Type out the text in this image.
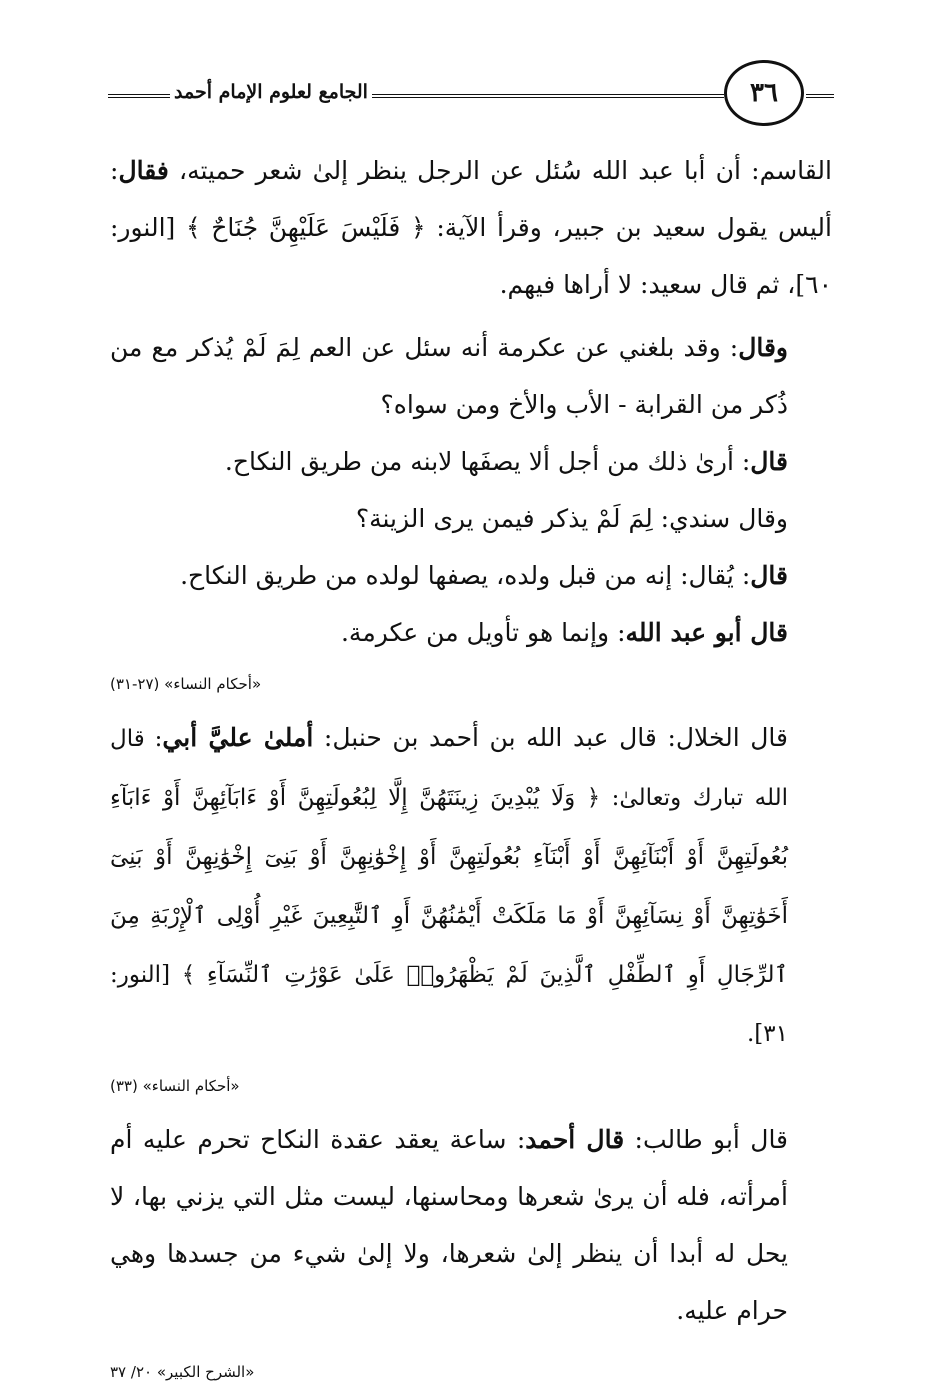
الجامع لعلوم الإمام أحمد	٣٦

القاسم: أن أبا عبد الله سُئل عن الرجل ينظر إلىٰ شعر حميته، فقال: أليس يقول سعيد بن جبير، وقرأ الآية: ﴿ فَلَيْسَ عَلَيْهِنَّ جُنَاحٌ ﴾ [النور: ٦٠]، ثم قال سعيد: لا أراها فيهم.

وقال: وقد بلغني عن عكرمة أنه سئل عن العم لِمَ لَمْ يُذكر مع من ذُكر من القرابة - الأب والأخ ومن سواه؟

قال: أرىٰ ذلك من أجل ألا يصفَها لابنه من طريق النكاح.

وقال سندي: لِمَ لَمْ يذكر فيمن يرى الزينة؟

قال: يُقال: إنه من قبل ولده، يصفها لولده من طريق النكاح.

قال أبو عبد الله: وإنما هو تأويل من عكرمة.

«أحكام النساء» (٢٧-٣١)

قال الخلال: قال عبد الله بن أحمد بن حنبل: أملىٰ عليَّ أبي: قال الله تبارك وتعالىٰ: ﴿ وَلَا يُبْدِينَ زِينَتَهُنَّ إِلَّا لِبُعُولَتِهِنَّ أَوْ ءَابَآئِهِنَّ أَوْ ءَابَآءِ بُعُولَتِهِنَّ أَوْ أَبْنَآئِهِنَّ أَوْ أَبْنَآءِ بُعُولَتِهِنَّ أَوْ إِخْوَٰنِهِنَّ أَوْ بَنِىٓ إِخْوَٰنِهِنَّ أَوْ بَنِىٓ أَخَوَٰتِهِنَّ أَوْ نِسَآئِهِنَّ أَوْ مَا مَلَكَتْ أَيْمَٰنُهُنَّ أَوِ ٱلتَّٰبِعِينَ غَيْرِ أُوْلِى ٱلْإِرْبَةِ مِنَ ٱلرِّجَالِ أَوِ ٱلطِّفْلِ ٱلَّذِينَ لَمْ يَظْهَرُوا۟ عَلَىٰ عَوْرَٰتِ ٱلنِّسَآءِ ﴾ [النور: ٣١].

«أحكام النساء» (٣٣)

قال أبو طالب: قال أحمد: ساعة يعقد عقدة النكاح تحرم عليه أم أمرأته، فله أن يرىٰ شعرها ومحاسنها، ليست مثل التي يزني بها، لا يحل له أبدا أن ينظر إلىٰ شعرها، ولا إلىٰ شيء من جسدها وهي حرام عليه.

«الشرح الكبير» ٢٠/ ٣٧
